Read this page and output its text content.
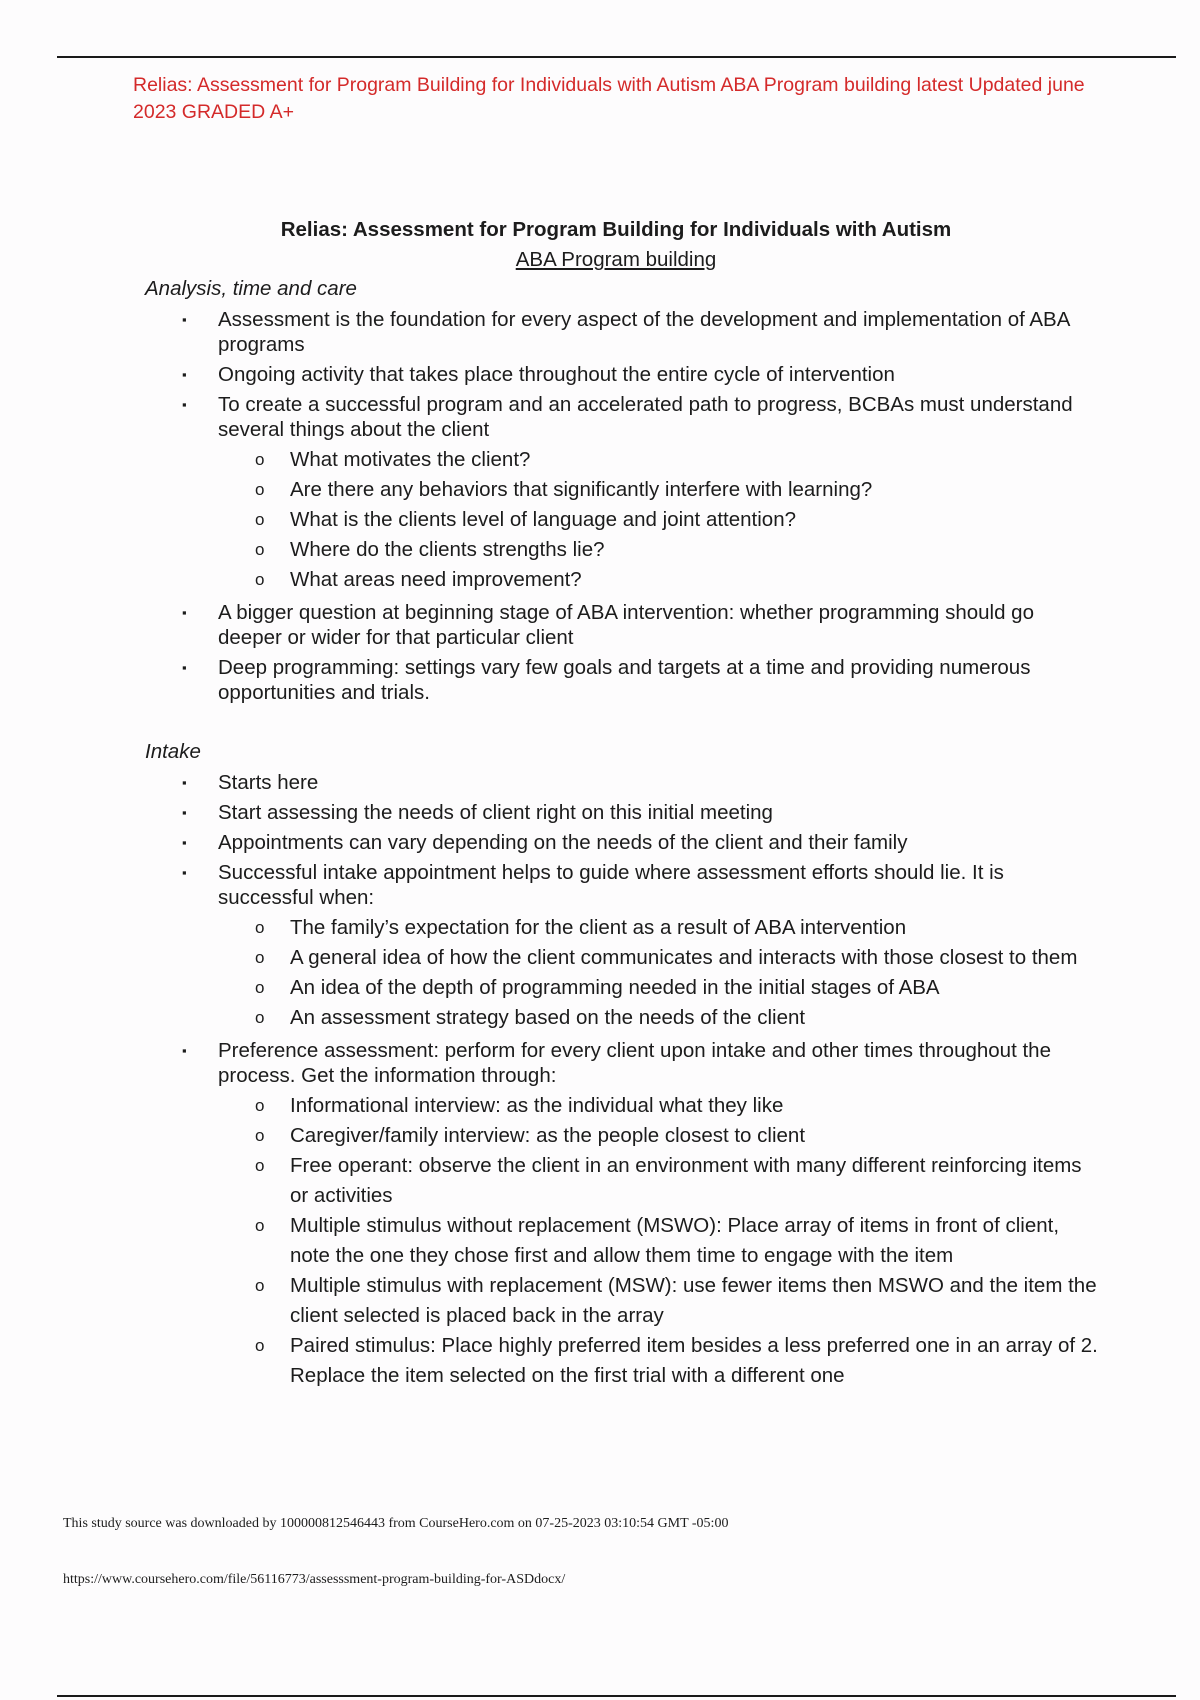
Relias: Assessment for Program Building for Individuals with Autism ABA Program building latest Updated june 2023 GRADED A+
Relias: Assessment for Program Building for Individuals with Autism
ABA Program building
Analysis, time and care
▪ Assessment is the foundation for every aspect of the development and implementation of ABA programs
▪ Ongoing activity that takes place throughout the entire cycle of intervention
▪ To create a successful program and an accelerated path to progress, BCBAs must understand several things about the client
o What motivates the client?
o Are there any behaviors that significantly interfere with learning?
o What is the clients level of language and joint attention?
o Where do the clients strengths lie?
o What areas need improvement?
▪ A bigger question at beginning stage of ABA intervention: whether programming should go deeper or wider for that particular client
▪ Deep programming: settings vary few goals and targets at a time and providing numerous opportunities and trials.
Intake
▪ Starts here
▪ Start assessing the needs of client right on this initial meeting
▪ Appointments can vary depending on the needs of the client and their family
▪ Successful intake appointment helps to guide where assessment efforts should lie. It is successful when:
o The family’s expectation for the client as a result of ABA intervention
o A general idea of how the client communicates and interacts with those closest to them
o An idea of the depth of programming needed in the initial stages of ABA
o An assessment strategy based on the needs of the client
▪ Preference assessment: perform for every client upon intake and other times throughout the process. Get the information through:
o Informational interview: as the individual what they like
o Caregiver/family interview: as the people closest to client
o Free operant: observe the client in an environment with many different reinforcing items or activities
o Multiple stimulus without replacement (MSWO): Place array of items in front of client, note the one they chose first and allow them time to engage with the item
o Multiple stimulus with replacement (MSW): use fewer items then MSWO and the item the client selected is placed back in the array
o Paired stimulus: Place highly preferred item besides a less preferred one in an array of 2. Replace the item selected on the first trial with a different one
This study source was downloaded by 100000812546443 from CourseHero.com on 07-25-2023 03:10:54 GMT -05:00
https://www.coursehero.com/file/56116773/assesssment-program-building-for-ASDdocx/
